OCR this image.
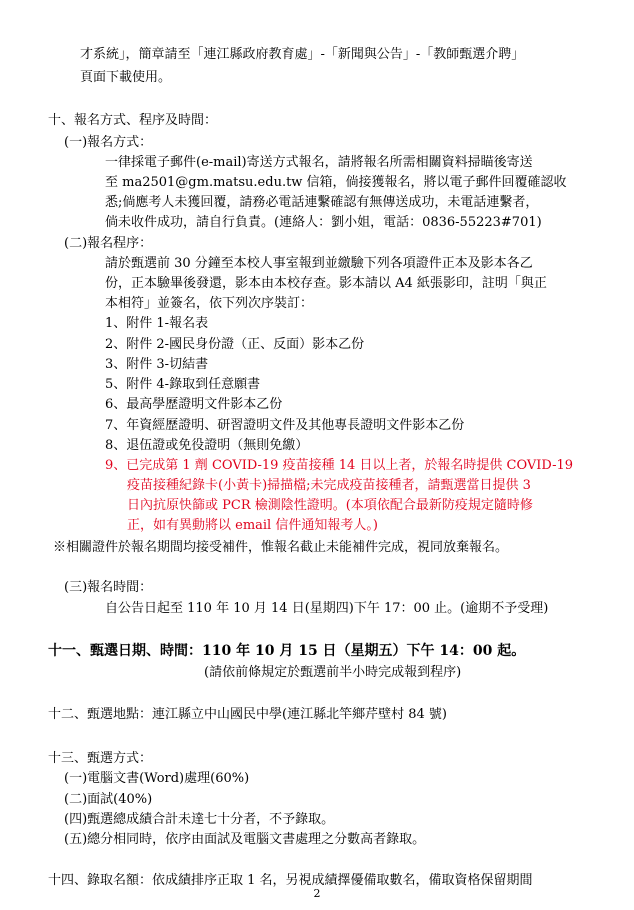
才系統」，簡章請至「連江縣政府教育處」-「新聞與公告」-「教師甄選介聘」
頁面下載使用。
十、報名方式、程序及時間：
(一)報名方式：
一律採電子郵件(e-mail)寄送方式報名，請將報名所需相關資料掃瞄後寄送
至 ma2501@gm.matsu.edu.tw 信箱，倘接獲報名，將以電子郵件回覆確認收
悉;倘應考人未獲回覆，請務必電話連繫確認有無傳送成功，未電話連繫者，
倘未收件成功，請自行負責。(連絡人：劉小姐，電話：0836-55223#701)
(二)報名程序：
請於甄選前 30 分鐘至本校人事室報到並繳驗下列各項證件正本及影本各乙
份，正本驗畢後發還，影本由本校存查。影本請以 A4 紙張影印，註明「與正
本相符」並簽名，依下列次序裝訂：
1、附件 1-報名表
2、附件 2-國民身份證（正、反面）影本乙份
3、附件 3-切結書
5、附件 4-錄取到任意願書
6、最高學歷證明文件影本乙份
7、年資經歷證明、研習證明文件及其他專長證明文件影本乙份
8、退伍證或免役證明（無則免繳）
9、已完成第 1 劑 COVID-19 疫苗接種 14 日以上者，於報名時提供 COVID-19
疫苗接種紀錄卡(小黃卡)掃描檔;未完成疫苗接種者，請甄選當日提供 3
日內抗原快篩或 PCR 檢測陰性證明。(本項依配合最新防疫規定隨時修
正，如有異動將以 email 信件通知報考人。)
※相關證件於報名期間均接受補件，惟報名截止未能補件完成，視同放棄報名。
(三)報名時間：
自公告日起至 110 年 10 月 14 日(星期四)下午 17：00 止。(逾期不予受理)
十一、甄選日期、時間：110 年 10 月 15 日（星期五）下午 14：00 起。
(請依前條規定於甄選前半小時完成報到程序)
十二、甄選地點：連江縣立中山國民中學(連江縣北竿鄉芹壁村 84 號)
十三、甄選方式：
(一)電腦文書(Word)處理(60%)
(二)面試(40%)
(四)甄選總成績合計未達七十分者，不予錄取。
(五)總分相同時，依序由面試及電腦文書處理之分數高者錄取。
十四、錄取名額：依成績排序正取 1 名，另視成績擇優備取數名，備取資格保留期間
2
